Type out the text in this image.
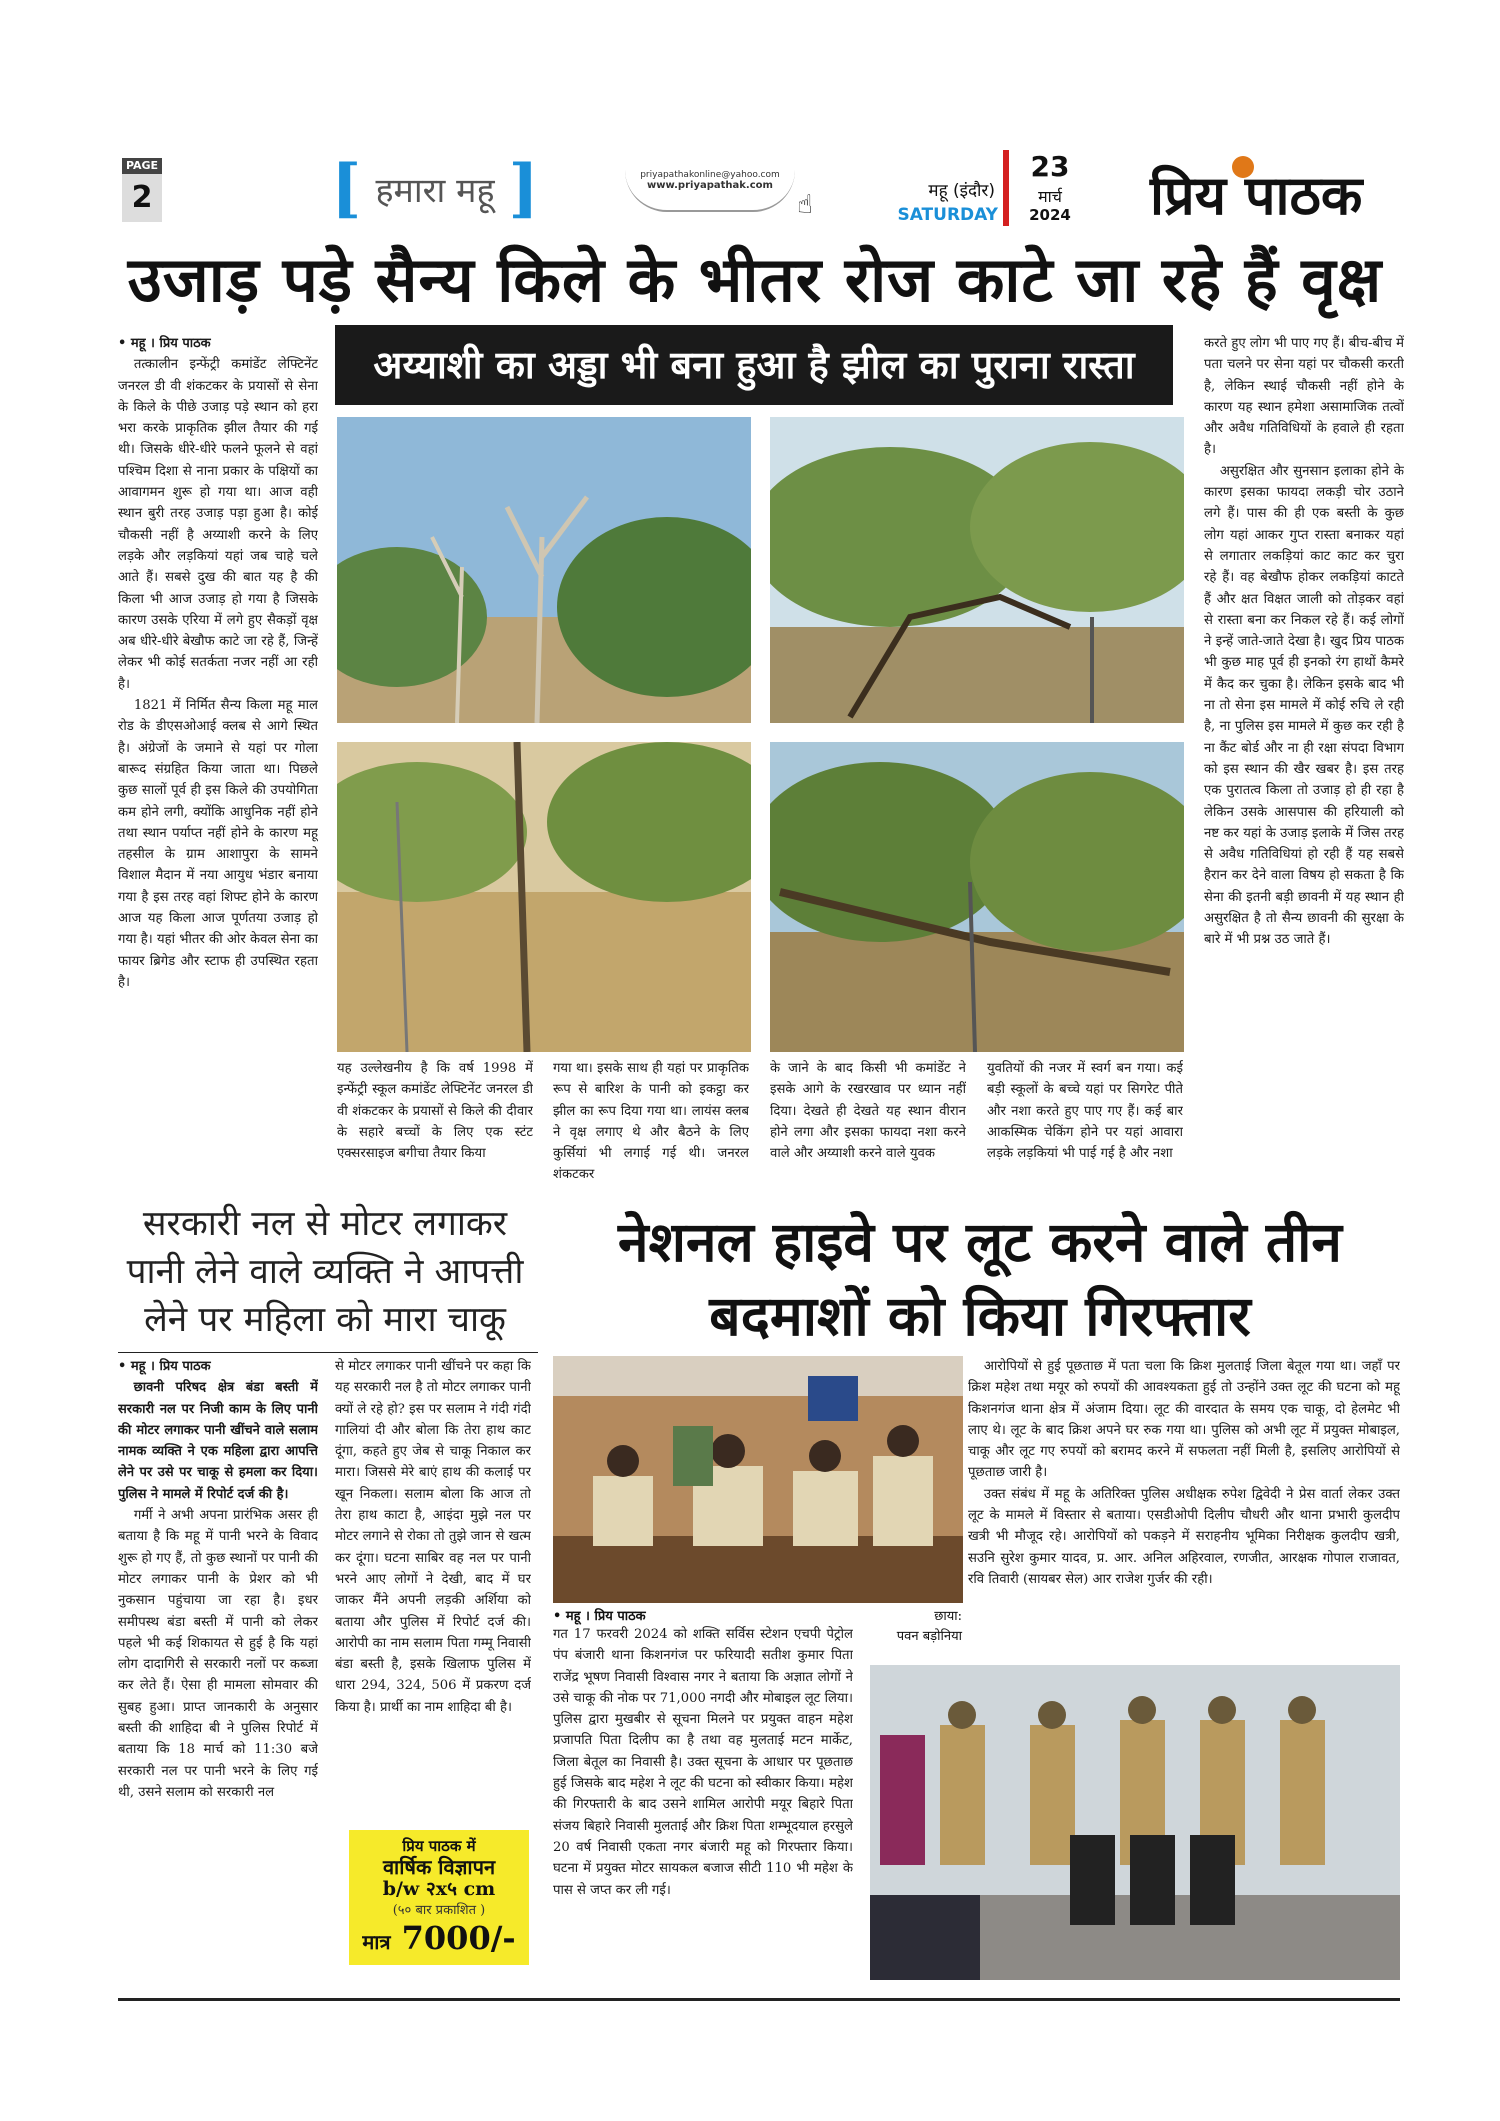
PAGE
2	[ हमारा महू ]	priyapathakonline@yahoo.com
www.priyapathak.com
☝	महू (इंदौर)
SATURDAY
23
मार्च
2024 प्रिय पाठक
उजाड़ पड़े सैन्य किले के भीतर रोज काटे जा रहे हैं वृक्ष
अय्याशी का अड्डा भी बना हुआ है झील का पुराना रास्ता

• महू । प्रिय पाठक

तत्कालीन इन्फेंट्री कमांडेंट लेफ्टिनेंट जनरल डी वी शंकटकर के प्रयासों से सेना के किले के पीछे उजाड़ पड़े स्थान को हरा भरा करके प्राकृतिक झील तैयार की गई थी। जिसके धीरे-धीरे फलने फूलने से वहां पश्चिम दिशा से नाना प्रकार के पक्षियों का आवागमन शुरू हो गया था। आज वही स्थान बुरी तरह उजाड़ पड़ा हुआ है। कोई चौकसी नहीं है अय्याशी करने के लिए लड़के और लड़कियां यहां जब चाहे चले आते हैं। सबसे दुख की बात यह है की किला भी आज उजाड़ हो गया है जिसके कारण उसके एरिया में लगे हुए सैकड़ों वृक्ष अब धीरे-धीरे बेखौफ काटे जा रहे हैं, जिन्हें लेकर भी कोई सतर्कता नजर नहीं आ रही है।

1821 में निर्मित सैन्य किला महू माल रोड के डीएसओआई क्लब से आगे स्थित है। अंग्रेजों के जमाने से यहां पर गोला बारूद संग्रहित किया जाता था। पिछले कुछ सालों पूर्व ही इस किले की उपयोगिता कम होने लगी, क्योंकि आधुनिक नहीं होने तथा स्थान पर्याप्त नहीं होने के कारण महू तहसील के ग्राम आशापुरा के सामने विशाल मैदान में नया आयुध भंडार बनाया गया है इस तरह वहां शिफ्ट होने के कारण आज यह किला आज पूर्णतया उजाड़ हो गया है। यहां भीतर की ओर केवल सेना का फायर ब्रिगेड और स्टाफ ही उपस्थित रहता है।

यह उल्लेखनीय है कि वर्ष 1998 में इन्फेंट्री स्कूल कमांडेंट लेफ्टिनेंट जनरल डी वी शंकटकर के प्रयासों से किले की दीवार के सहारे बच्चों के लिए एक स्टंट एक्सरसाइज बगीचा तैयार किया
गया था। इसके साथ ही यहां पर प्राकृतिक रूप से बारिश के पानी को इकट्ठा कर झील का रूप दिया गया था। लायंस क्लब ने वृक्ष लगाए थे और बैठने के लिए कुर्सियां भी लगाई गई थी। जनरल शंकटकर
के जाने के बाद किसी भी कमांडेंट ने इसके आगे के रखरखाव पर ध्यान नहीं दिया। देखते ही देखते यह स्थान वीरान होने लगा और इसका फायदा नशा करने वाले और अय्याशी करने वाले युवक
युवतियों की नजर में स्वर्ग बन गया। कई बड़ी स्कूलों के बच्चे यहां पर सिगरेट पीते और नशा करते हुए पाए गए हैं। कई बार आकस्मिक चेकिंग होने पर यहां आवारा लड़के लड़कियां भी पाई गई है और नशा

करते हुए लोग भी पाए गए हैं। बीच-बीच में पता चलने पर सेना यहां पर चौकसी करती है, लेकिन स्थाई चौकसी नहीं होने के कारण यह स्थान हमेशा असामाजिक तत्वों और अवैध गतिविधियों के हवाले ही रहता है।

असुरक्षित और सुनसान इलाका होने के कारण इसका फायदा लकड़ी चोर उठाने लगे हैं। पास की ही एक बस्ती के कुछ लोग यहां आकर गुप्त रास्ता बनाकर यहां से लगातार लकड़ियां काट काट कर चुरा रहे हैं। वह बेखौफ होकर लकड़ियां काटते हैं और क्षत विक्षत जाली को तोड़कर वहां से रास्ता बना कर निकल रहे हैं। कई लोगों ने इन्हें जाते-जाते देखा है। खुद प्रिय पाठक भी कुछ माह पूर्व ही इनको रंग हाथों कैमरे में कैद कर चुका है। लेकिन इसके बाद भी ना तो सेना इस मामले में कोई रुचि ले रही है, ना पुलिस इस मामले में कुछ कर रही है ना कैंट बोर्ड और ना ही रक्षा संपदा विभाग को इस स्थान की खैर खबर है। इस तरह एक पुरातत्व किला तो उजाड़ हो ही रहा है लेकिन उसके आसपास की हरियाली को नष्ट कर यहां के उजाड़ इलाके में जिस तरह से अवैध गतिविधियां हो रही हैं यह सबसे हैरान कर देने वाला विषय हो सकता है कि सेना की इतनी बड़ी छावनी में यह स्थान ही असुरक्षित है तो सैन्य छावनी की सुरक्षा के बारे में भी प्रश्न उठ जाते हैं।

सरकारी नल से मोटर लगाकर पानी लेने वाले व्यक्ति ने आपत्ती लेने पर महिला को मारा चाकू

• महू । प्रिय पाठक

छावनी परिषद क्षेत्र बंडा बस्ती में सरकारी नल पर निजी काम के लिए पानी की मोटर लगाकर पानी खींचने वाले सलाम नामक व्यक्ति ने एक महिला द्वारा आपत्ति लेने पर उसे पर चाकू से हमला कर दिया।पुलिस ने मामले में रिपोर्ट दर्ज की है।

गर्मी ने अभी अपना प्रारंभिक असर ही बताया है कि महू में पानी भरने के विवाद शुरू हो गए हैं, तो कुछ स्थानों पर पानी की मोटर लगाकर पानी के प्रेशर को भी नुकसान पहुंचाया जा रहा है। इधर समीपस्थ बंडा बस्ती में पानी को लेकर पहले भी कई शिकायत से हुई है कि यहां लोग दादागिरी से सरकारी नलों पर कब्जा कर लेते हैं। ऐसा ही मामला सोमवार की सुबह हुआ। प्राप्त जानकारी के अनुसार बस्ती की शाहिदा बी ने पुलिस रिपोर्ट में बताया कि 18 मार्च को 11:30 बजे सरकारी नल पर पानी भरने के लिए गई थी, उसने सलाम को सरकारी नल

से मोटर लगाकर पानी खींचने पर कहा कि यह सरकारी नल है तो मोटर लगाकर पानी क्यों ले रहे हो? इस पर सलाम ने गंदी गंदी गालियां दी और बोला कि तेरा हाथ काट दूंगा, कहते हुए जेब से चाकू निकाल कर मारा। जिससे मेरे बाएं हाथ की कलाई पर खून निकला। सलाम बोला कि आज तो तेरा हाथ काटा है, आइंदा मुझे नल पर मोटर लगाने से रोका तो तुझे जान से खत्म कर दूंगा। घटना साबिर वह नल पर पानी भरने आए लोगों ने देखी, बाद में घर जाकर मैंने अपनी लड़की अर्शिया को बताया और पुलिस में रिपोर्ट दर्ज की। आरोपी का नाम सलाम पिता गम्मू निवासी बंडा बस्ती है, इसके खिलाफ पुलिस में धारा 294, 324, 506 में प्रकरण दर्ज किया है। प्रार्थी का नाम शाहिदा बी है।
प्रिय पाठक में
वार्षिक विज्ञापन
b/w २x५ cm
(५० बार प्रकाशित )
मात्र 7000/-
नेशनल हाइवे पर लूट करने वाले तीन बदमाशों को किया गिरफ्तार
• महू । प्रिय पाठक	छाया:
पवन बड़ोनिया
गत 17 फरवरी 2024 को शक्ति सर्विस स्टेशन एचपी पेट्रोल पंप बंजारी थाना किशनगंज पर फरियादी सतीश कुमार पिता राजेंद्र भूषण निवासी विश्वास नगर ने बताया कि अज्ञात लोगों ने उसे चाकू की नोक पर 71,000 नगदी और मोबाइल लूट लिया। पुलिस द्वारा मुखबीर से सूचना मिलने पर प्रयुक्त वाहन महेश प्रजापति पिता दिलीप का है तथा वह मुलताई मटन मार्केट, जिला बेतूल का निवासी है। उक्त सूचना के आधार पर पूछताछ हुई जिसके बाद महेश ने लूट की घटना को स्वीकार किया। महेश की गिरफ्तारी के बाद उसने शामिल आरोपी मयूर बिहारे पिता संजय बिहारे निवासी मुलताई और क्रिश पिता शम्भूदयाल हरसुले 20 वर्ष निवासी एकता नगर बंजारी महू को गिरफ्तार किया। घटना में प्रयुक्त मोटर सायकल बजाज सीटी 110 भी महेश के पास से जप्त कर ली गई।

आरोपियों से हुई पूछताछ में पता चला कि क्रिश मुलताई जिला बेतूल गया था। जहाँ पर क्रिश महेश तथा मयूर को रुपयों की आवश्यकता हुई तो उन्होंने उक्त लूट की घटना को महू किशनगंज थाना क्षेत्र में अंजाम दिया। लूट की वारदात के समय एक चाकू, दो हेलमेट भी लाए थे। लूट के बाद क्रिश अपने घर रुक गया था। पुलिस को अभी लूट में प्रयुक्त मोबाइल, चाकू और लूट गए रुपयों को बरामद करने में सफलता नहीं मिली है, इसलिए आरोपियों से पूछताछ जारी है।

उक्त संबंध में महू के अतिरिक्त पुलिस अधीक्षक रुपेश द्विवेदी ने प्रेस वार्ता लेकर उक्त लूट के मामले में विस्तार से बताया। एसडीओपी दिलीप चौधरी और थाना प्रभारी कुलदीप खत्री भी मौजूद रहे। आरोपियों को पकड़ने में सराहनीय भूमिका निरीक्षक कुलदीप खत्री, सउनि सुरेश कुमार यादव, प्र. आर. अनिल अहिरवाल, रणजीत, आरक्षक गोपाल राजावत, रवि तिवारी (सायबर सेल) आर राजेश गुर्जर की रही।
